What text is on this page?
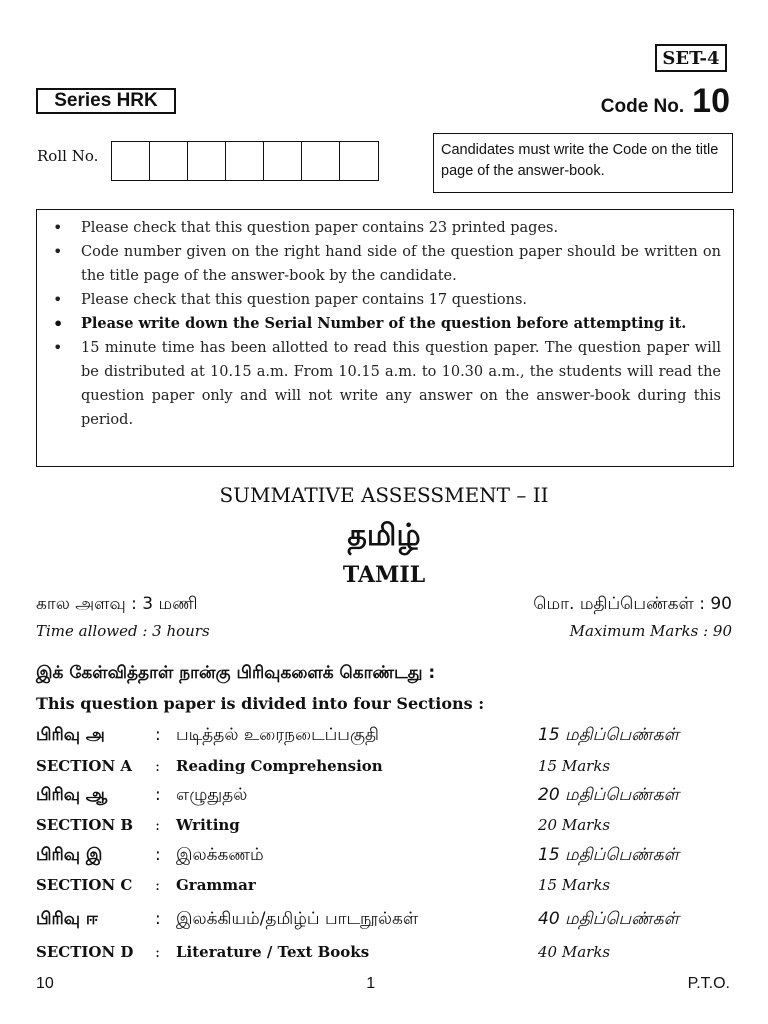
SET-4
Series HRK	Code No. 10
Roll No.	Candidates must write the Code on the title page of the answer-book.
• Please check that this question paper contains 23 printed pages.
• Code number given on the right hand side of the question paper should be written on the title page of the answer-book by the candidate.
• Please check that this question paper contains 17 questions.
• Please write down the Serial Number of the question before attempting it.
• 15 minute time has been allotted to read this question paper. The question paper will be distributed at 10.15 a.m. From 10.15 a.m. to 10.30 a.m., the students will read the question paper only and will not write any answer on the answer-book during this period.
SUMMATIVE ASSESSMENT – II
தமிழ்
TAMIL
கால அளவு : 3 மணி	மொ. மதிப்பெண்கள் : 90
Time allowed : 3 hours	Maximum Marks : 90
இக் கேள்வித்தாள் நான்கு பிரிவுகளைக் கொண்டது :
This question paper is divided into four Sections :
பிரிவு அ	: படித்தல் உரைநடைப்பகுதி	15 மதிப்பெண்கள்
SECTION A : Reading Comprehension	15 Marks
பிரிவு ஆ	: எழுதுதல்	20 மதிப்பெண்கள்
SECTION B : Writing	20 Marks
பிரிவு இ	: இலக்கணம்	15 மதிப்பெண்கள்
SECTION C : Grammar	15 Marks
பிரிவு ஈ	: இலக்கியம்/தமிழ்ப் பாடநூல்கள்	40 மதிப்பெண்கள்
SECTION D : Literature / Text Books	40 Marks
10	1	P.T.O.
